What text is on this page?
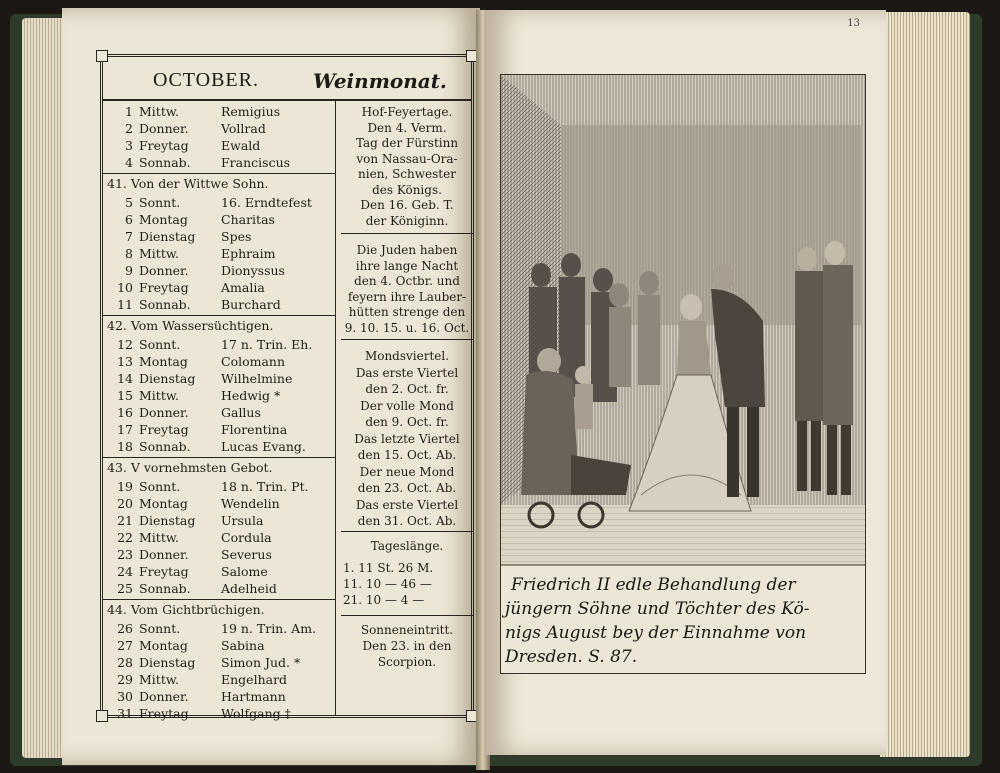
OCTOBER.	Weinmonat.
1 Mittw.	Remigius
2 Donner.	Vollrad
3 Freytag	Ewald
4 Sonnab.	Franciscus
41. Von der Wittwe Sohn.
5 Sonnt.	16. Erndtefest
6 Montag	Charitas
7 Dienstag	Spes
8 Mittw.	Ephraim
9 Donner.	Dionyssus
10 Freytag	Amalia
11 Sonnab.	Burchard
42. Vom Wassersüchtigen.
12 Sonnt.	17 n. Trin. Eh.
13 Montag	Colomann
14 Dienstag	Wilhelmine
15 Mittw.	Hedwig *
16 Donner.	Gallus
17 Freytag	Florentina
18 Sonnab.	Lucas Evang.
43. V vornehmsten Gebot.
19 Sonnt.	18 n. Trin. Pt.
20 Montag	Wendelin
21 Dienstag	Ursula
22 Mittw.	Cordula
23 Donner.	Severus
24 Freytag	Salome
25 Sonnab.	Adelheid
44. Vom Gichtbrüchigen.
26 Sonnt.	19 n. Trin. Am.
27 Montag	Sabina
28 Dienstag	Simon Jud. *
29 Mittw.	Engelhard
30 Donner.	Hartmann
31 Freytag	Wolfgang †
Hof-Feyertage.
Den 4. Verm.
Tag der Fürstinn
von Nassau-Ora-
nien, Schwester
des Königs.
Den 16. Geb. T.
der Königinn.
Die Juden haben
ihre lange Nacht
den 4. Octbr. und
feyern ihre Lauber-
hütten strenge den
9. 10. 15. u. 16. Oct.
Mondsviertel.
Das erste Viertel
den 2. Oct. fr.
Der volle Mond
den 9. Oct. fr.
Das letzte Viertel
den 15. Oct. Ab.
Der neue Mond
den 23. Oct. Ab.
Das erste Viertel
den 31. Oct. Ab.
Tageslänge.
1. 11 St. 26 M.
11. 10 — 46 —
21. 10 — 4 —
Sonneneintritt.
Den 23. in den
Scorpion.
13
Friedrich II edle Behandlung der
jüngern Söhne und Töchter des Kö-
nigs August bey der Einnahme von
Dresden. S. 87.
